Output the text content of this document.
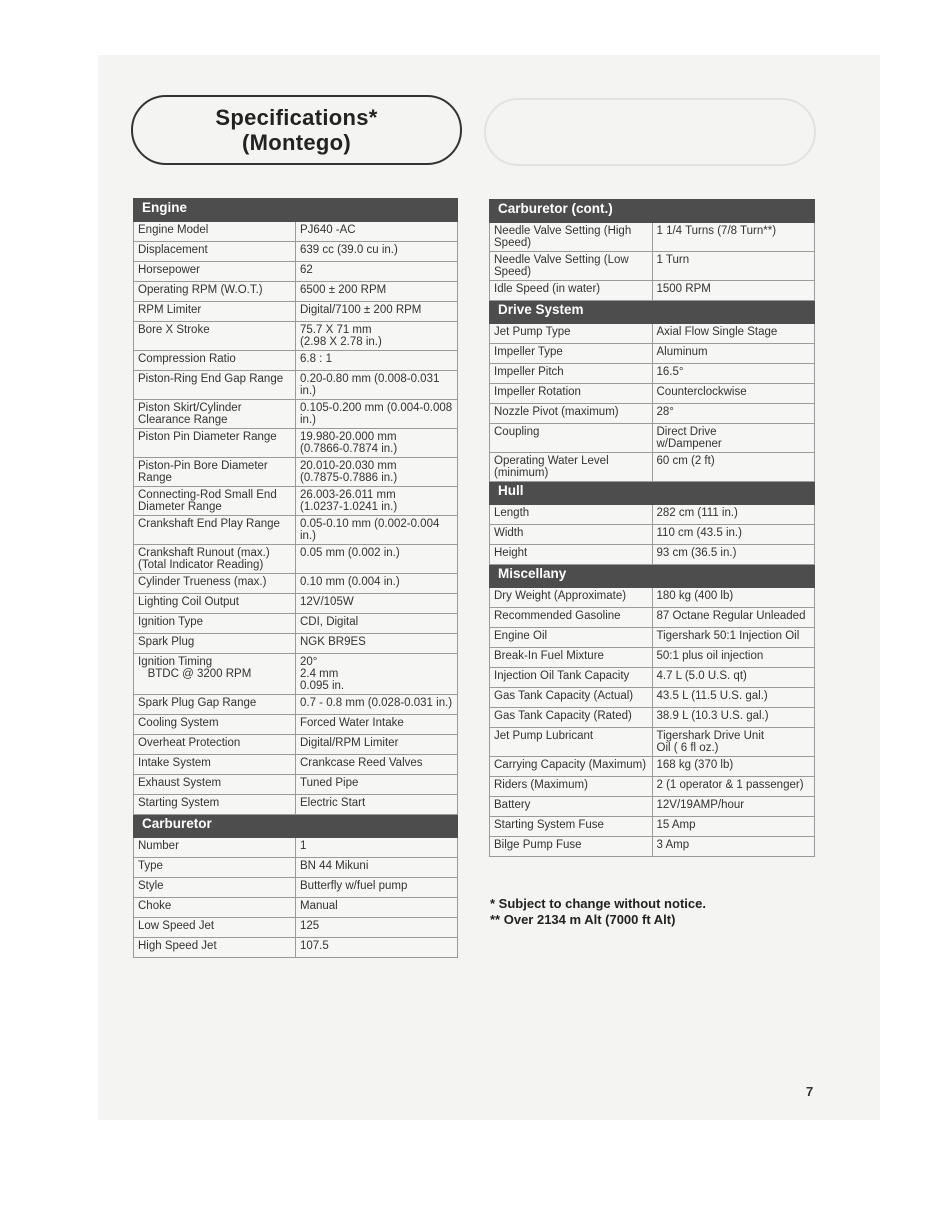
Specifications*
(Montego)
Engine	
Engine Model	PJ640 -AC
Displacement	639 cc (39.0 cu in.)
Horsepower	62
Operating RPM (W.O.T.)	6500 ± 200 RPM
RPM Limiter	Digital/7100 ± 200 RPM
Bore X Stroke	75.7 X 71 mm
(2.98 X 2.78 in.)
Compression Ratio	6.8 : 1
Piston-Ring End Gap Range	0.20-0.80 mm (0.008-0.031 in.)
Piston Skirt/Cylinder Clearance Range	0.105-0.200 mm (0.004-0.008 in.)
Piston Pin Diameter Range	19.980-20.000 mm
(0.7866-0.7874 in.)
Piston-Pin Bore Diameter Range	20.010-20.030 mm
(0.7875-0.7886 in.)
Connecting-Rod Small End Diameter Range	26.003-26.011 mm
(1.0237-1.0241 in.)
Crankshaft End Play Range	0.05-0.10 mm (0.002-0.004 in.)
Crankshaft Runout (max.)
(Total Indicator Reading)	0.05 mm (0.002 in.)
Cylinder Trueness (max.)	0.10 mm (0.004 in.)
Lighting Coil Output	12V/105W
Ignition Type	CDI, Digital
Spark Plug	NGK BR9ES
Ignition Timing
BTDC @ 3200 RPM	20°
2.4 mm
0.095 in.
Spark Plug Gap Range	0.7 - 0.8 mm (0.028-0.031 in.)
Cooling System	Forced Water Intake
Overheat Protection	Digital/RPM Limiter
Intake System	Crankcase Reed Valves
Exhaust System	Tuned Pipe
Starting System	Electric Start
Carburetor	
Number	1
Type	BN 44 Mikuni
Style	Butterfly w/fuel pump
Choke	Manual
Low Speed Jet	125
High Speed Jet	107.5
Carburetor (cont.)	
Needle Valve Setting (High Speed)	1 1/4 Turns (7/8 Turn**)
Needle Valve Setting (Low Speed)	1 Turn
Idle Speed (in water)	1500 RPM
Drive System	
Jet Pump Type	Axial Flow Single Stage
Impeller Type	Aluminum
Impeller Pitch	16.5°
Impeller Rotation	Counterclockwise
Nozzle Pivot (maximum)	28°
Coupling	Direct Drive
w/Dampener
Operating Water Level (minimum)	60 cm (2 ft)
Hull	
Length	282 cm (111 in.)
Width	110 cm (43.5 in.)
Height	93 cm (36.5 in.)
Miscellany	
Dry Weight (Approximate)	180 kg (400 lb)
Recommended Gasoline	87 Octane Regular Unleaded
Engine Oil	Tigershark 50:1 Injection Oil
Break-In Fuel Mixture	50:1 plus oil injection
Injection Oil Tank Capacity	4.7 L (5.0 U.S. qt)
Gas Tank Capacity (Actual)	43.5 L (11.5 U.S. gal.)
Gas Tank Capacity (Rated)	38.9 L (10.3 U.S. gal.)
Jet Pump Lubricant	Tigershark Drive Unit
Oil ( 6 fl oz.)
Carrying Capacity (Maximum)	168 kg (370 lb)
Riders (Maximum)	2 (1 operator & 1 passenger)
Battery	12V/19AMP/hour
Starting System Fuse	15 Amp
Bilge Pump Fuse	3 Amp
* Subject to change without notice.
** Over 2134 m Alt (7000 ft Alt)
7
